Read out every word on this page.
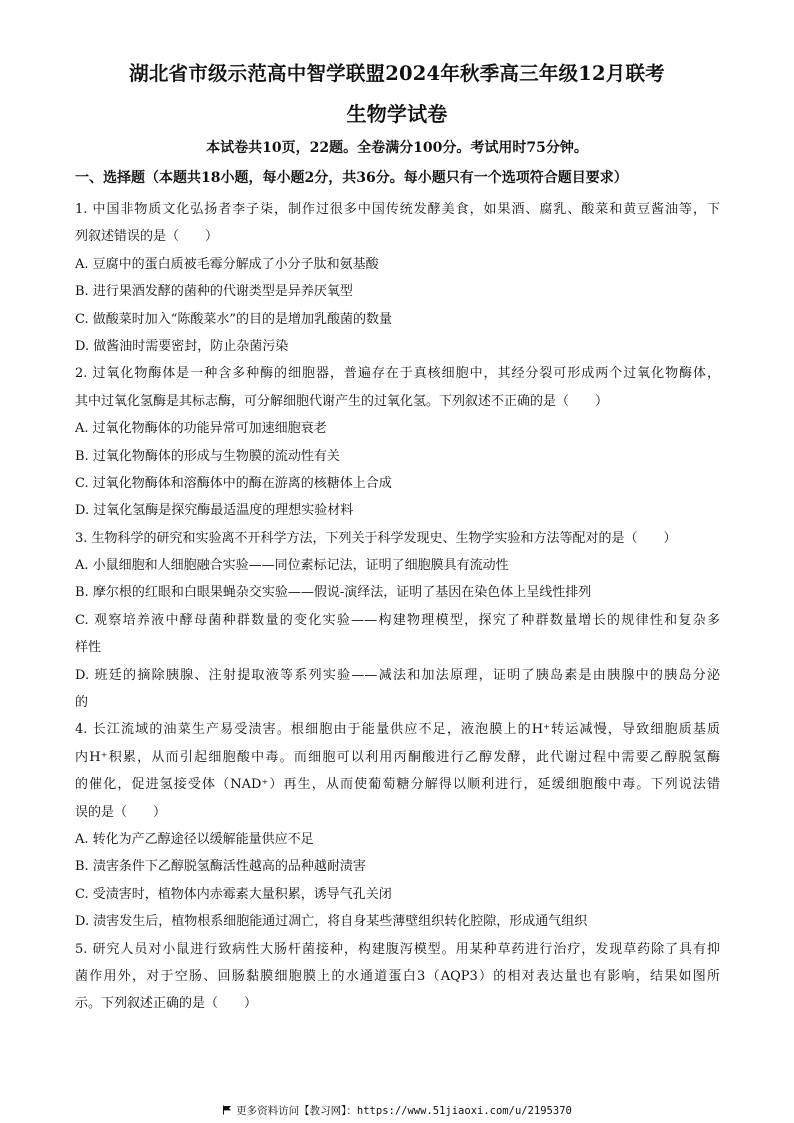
湖北省市级示范高中智学联盟2024年秋季高三年级12月联考
生物学试卷
本试卷共10页，22题。全卷满分100分。考试用时75分钟。
一、选择题（本题共18小题，每小题2分，共36分。每小题只有一个选项符合题目要求）
1. 中国非物质文化弘扬者李子柒，制作过很多中国传统发酵美食，如果酒、腐乳、酸菜和黄豆酱油等，下
列叙述错误的是（　　）
A. 豆腐中的蛋白质被毛霉分解成了小分子肽和氨基酸
B. 进行果酒发酵的菌种的代谢类型是异养厌氧型
C. 做酸菜时加入“陈酸菜水”的目的是增加乳酸菌的数量
D. 做酱油时需要密封，防止杂菌污染
2. 过氧化物酶体是一种含多种酶的细胞器，普遍存在于真核细胞中，其经分裂可形成两个过氧化物酶体，
其中过氧化氢酶是其标志酶，可分解细胞代谢产生的过氧化氢。下列叙述不正确的是（　　）
A. 过氧化物酶体的功能异常可加速细胞衰老
B. 过氧化物酶体的形成与生物膜的流动性有关
C. 过氧化物酶体和溶酶体中的酶在游离的核糖体上合成
D. 过氧化氢酶是探究酶最适温度的理想实验材料
3. 生物科学的研究和实验离不开科学方法，下列关于科学发现史、生物学实验和方法等配对的是（　　）
A. 小鼠细胞和人细胞融合实验——同位素标记法，证明了细胞膜具有流动性
B. 摩尔根的红眼和白眼果蝇杂交实验——假说-演绎法，证明了基因在染色体上呈线性排列
C. 观察培养液中酵母菌种群数量的变化实验——构建物理模型，探究了种群数量增长的规律性和复杂多
样性
D. 班廷的摘除胰腺、注射提取液等系列实验——减法和加法原理，证明了胰岛素是由胰腺中的胰岛分泌
的
4. 长江流域的油菜生产易受渍害。根细胞由于能量供应不足，液泡膜上的H⁺转运减慢，导致细胞质基质
内H⁺积累，从而引起细胞酸中毒。而细胞可以利用丙酮酸进行乙醇发酵，此代谢过程中需要乙醇脱氢酶
的催化，促进氢接受体（NAD⁺）再生，从而使葡萄糖分解得以顺利进行，延缓细胞酸中毒。下列说法错
误的是（　　）
A. 转化为产乙醇途径以缓解能量供应不足
B. 渍害条件下乙醇脱氢酶活性越高的品种越耐渍害
C. 受渍害时，植物体内赤霉素大量积累，诱导气孔关闭
D. 渍害发生后，植物根系细胞能通过凋亡，将自身某些薄壁组织转化腔隙，形成通气组织
5. 研究人员对小鼠进行致病性大肠杆菌接种，构建腹泻模型。用某种草药进行治疗，发现草药除了具有抑
菌作用外，对于空肠、回肠黏膜细胞膜上的水通道蛋白3（AQP3）的相对表达量也有影响，结果如图所
示。下列叙述正确的是（　　）
更多资料访问【教习网】：https://www.51jiaoxi.com/u/2195370
